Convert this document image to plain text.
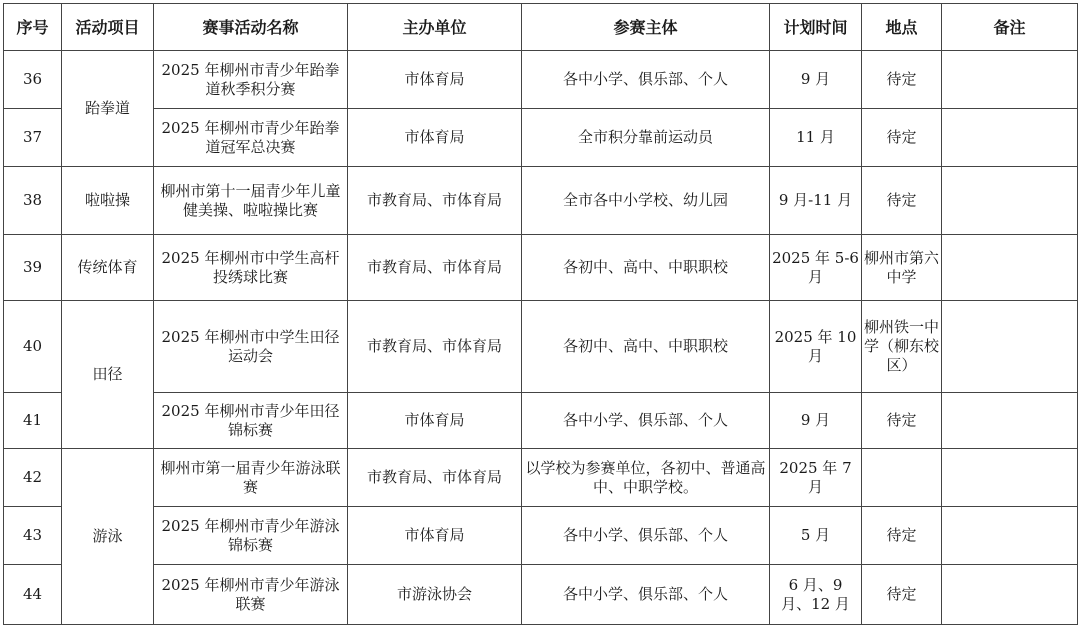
序号	活动项目	赛事活动名称	主办单位	参赛主体	计划时间	地点	备注
36	跆拳道	2025 年柳州市青少年跆拳道秋季积分赛	市体育局	各中小学、俱乐部、个人	9 月	待定	
37		2025 年柳州市青少年跆拳道冠军总决赛	市体育局	全市积分靠前运动员	11 月	待定	
38	啦啦操	柳州市第十一届青少年儿童健美操、啦啦操比赛	市教育局、市体育局	全市各中小学校、幼儿园	9 月-11 月	待定	
39	传统体育	2025 年柳州市中学生高杆投绣球比赛	市教育局、市体育局	各初中、高中、中职职校	2025 年 5-6 月	柳州市第六中学	
40	田径	2025 年柳州市中学生田径运动会	市教育局、市体育局	各初中、高中、中职职校	2025 年 10 月	柳州铁一中学（柳东校区）	
41		2025 年柳州市青少年田径锦标赛	市体育局	各中小学、俱乐部、个人	9 月	待定	
42	游泳	柳州市第一届青少年游泳联赛	市教育局、市体育局	以学校为参赛单位，各初中、普通高中、中职学校。	2025 年 7 月		
43		2025 年柳州市青少年游泳锦标赛	市体育局	各中小学、俱乐部、个人	5 月	待定	
44		2025 年柳州市青少年游泳联赛	市游泳协会	各中小学、俱乐部、个人	6 月、9 月、12 月	待定	
